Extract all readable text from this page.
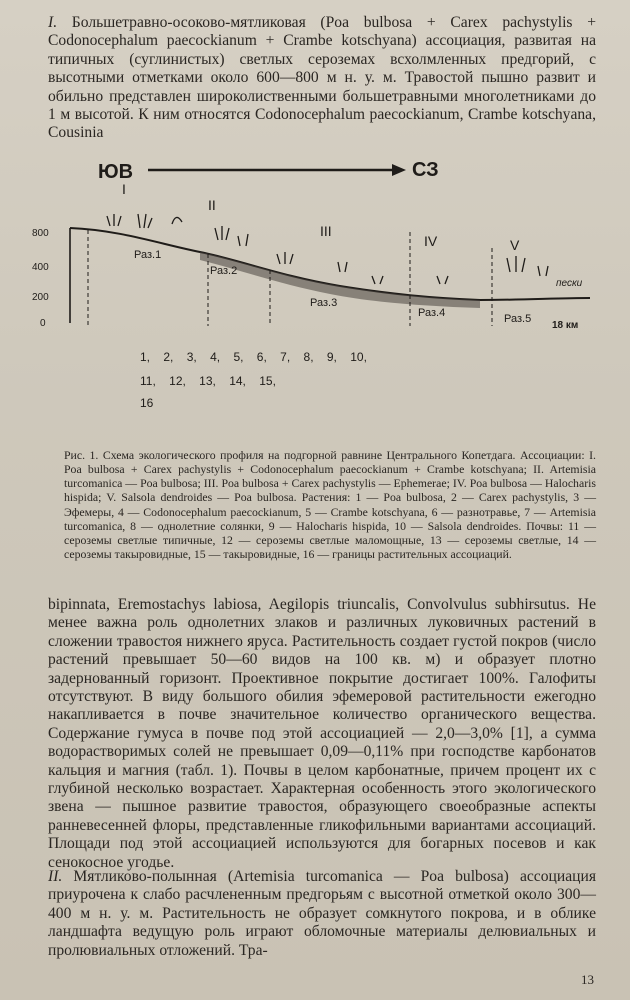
I. Большетравно-осоково-мятликовая (Poa bulbosa + Carex pachystylis + Codonocephalum paecockianum + Crambe kotschyana) ассоциация, развитая на типичных (суглинистых) светлых сероземах всхолмленных предгорий, с высотными отметками около 600—800 м н. у. м. Травостой пышно развит и обильно представлен широколиственными большетравными многолетниками до 1 м высотой. К ним относятся Codonocephalum paecockianum, Crambe kotschyana, Cousinia

ЮВ	СЗ
I
II
III
IV	V
800
400
200
0
Раз.1
Раз.2
Раз.3
Раз.4	Раз.5
пески
18 км
1, 2, 3, 4, 5, 6, 7, 8, 9, 10,
11, 12, 13, 14, 15,
16

Рис. 1. Схема экологического профиля на подгорной равнине Центрального Копетдага. Ассоциации: I. Poa bulbosa + Carex pachystylis + Codonocephalum paecockianum + Crambe kotschyana; II. Artemisia turcomanica — Poa bulbosa; III. Poa bulbosa + Carex pachystylis — Ephemerae; IV. Poa bulbosa — Halocharis hispida; V. Salsola dendroides — Poa bulbosa. Растения: 1 — Poa bulbosa, 2 — Carex pachystylis, 3 — Эфемеры, 4 — Codonocephalum paecockianum, 5 — Crambe kotschyana, 6 — разнотравье, 7 — Artemisia turcomanica, 8 — однолетние солянки, 9 — Halocharis hispida, 10 — Salsola dendroides. Почвы: 11 — сероземы светлые типичные, 12 — сероземы светлые маломощные, 13 — сероземы светлые, 14 — сероземы такыровидные, 15 — такыровидные, 16 — границы растительных ассоциаций.

bipinnata, Eremostachys labiosa, Aegilopis triuncalis, Convolvulus subhirsutus. Не менее важна роль однолетних злаков и различных луковичных растений в сложении травостоя нижнего яруса. Растительность создает густой покров (число растений превышает 50—60 видов на 100 кв. м) и образует плотно задернованный горизонт. Проективное покрытие достигает 100%. Галофиты отсутствуют. В виду большого обилия эфемеровой растительности ежегодно накапливается в почве значительное количество органического вещества. Содержание гумуса в почве под этой ассоциацией — 2,0—3,0% [1], а сумма водорастворимых солей не превышает 0,09—0,11% при господстве карбонатов кальция и магния (табл. 1). Почвы в целом карбонатные, причем процент их с глубиной несколько возрастает. Характерная особенность этого экологического звена — пышное развитие травостоя, образующего своеобразные аспекты ранневесенней флоры, представленные гликофильными вариантами ассоциаций. Площади под этой ассоциацией используются для богарных посевов и как сенокосное угодье.

II. Мятликово-полынная (Artemisia turcomanica — Poa bulbosa) ассоциация приурочена к слабо расчлененным предгорьям с высотной отметкой около 300—400 м н. у. м. Растительность не образует сомкнутого покрова, и в облике ландшафта ведущую роль играют обломочные материалы делювиальных и пролювиальных отложений. Тра-

13
